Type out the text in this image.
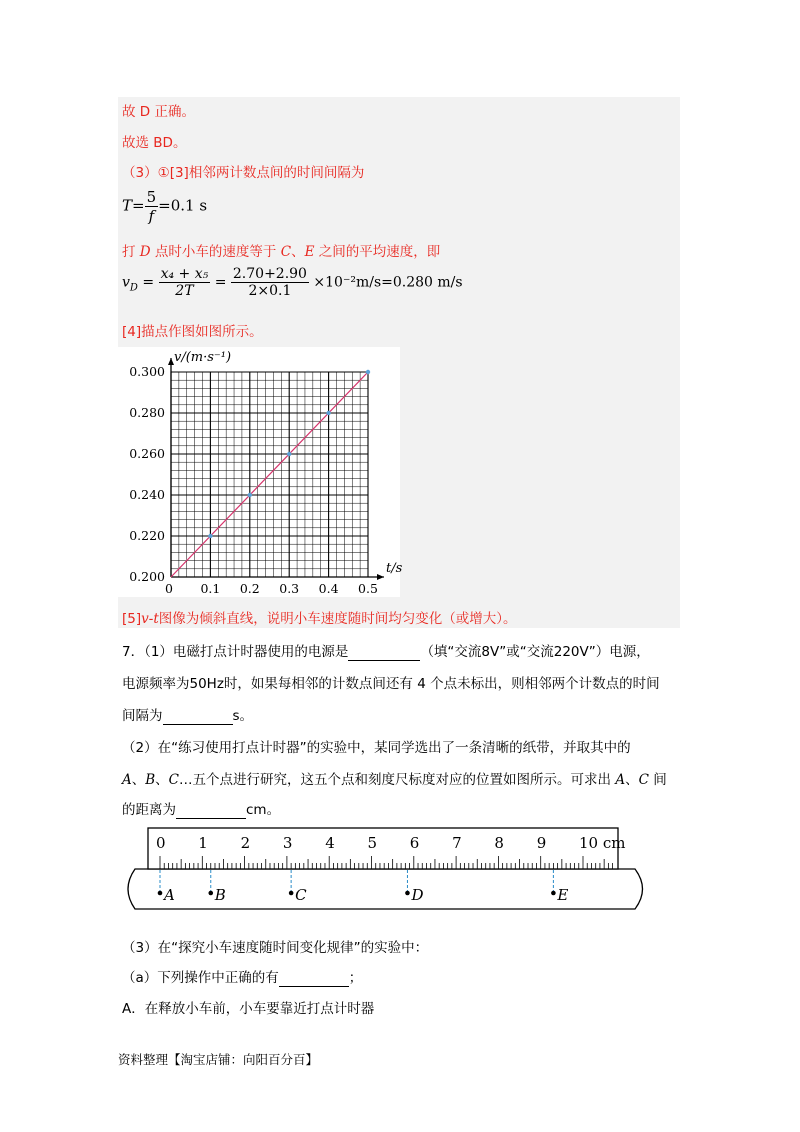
故 D 正确。
故选 BD。
（3）①[3]相邻两计数点间的时间间隔为
$T= \frac{5}{f} =0.1$ s
打 D 点时小车的速度等于 C、E 之间的平均速度，即
$v_D = \frac{\text{x₄ + x₅}}{2T} = \frac{2.70+2.90}{2\times 0.1} \times 10^{-2}m/s=0.280$ m/s
[4]描点作图如图所示。
0 0.1 0.2 0.3 0.4 0.5
0.200
0.220
0.240
0.260
0.280
0.300
v/(m·s⁻¹)
t/s
[5]v-t图像为倾斜直线，说明小车速度随时间均匀变化（或增大）。
7．（1）电磁打点计时器使用的电源是	（填“交流8V”或“交流220V”）电源，
电源频率为50Hz时，如果每相邻的计数点间还有 4 个点未标出，则相邻两个计数点的时间
间隔为	s。
（2）在“练习使用打点计时器”的实验中，某同学选出了一条清晰的纸带，并取其中的
A、B、C…五个点进行研究，这五个点和刻度尺标度对应的位置如图所示。可求出 A、C 间
的距离为	cm。
0 1 2 3 4 5 6 7 8 9 10 cm
A	B	C	D	E
（3）在“探究小车速度随时间变化规律”的实验中：
（a）下列操作中正确的有	；
A．在释放小车前，小车要靠近打点计时器
资料整理【淘宝店铺：向阳百分百】
